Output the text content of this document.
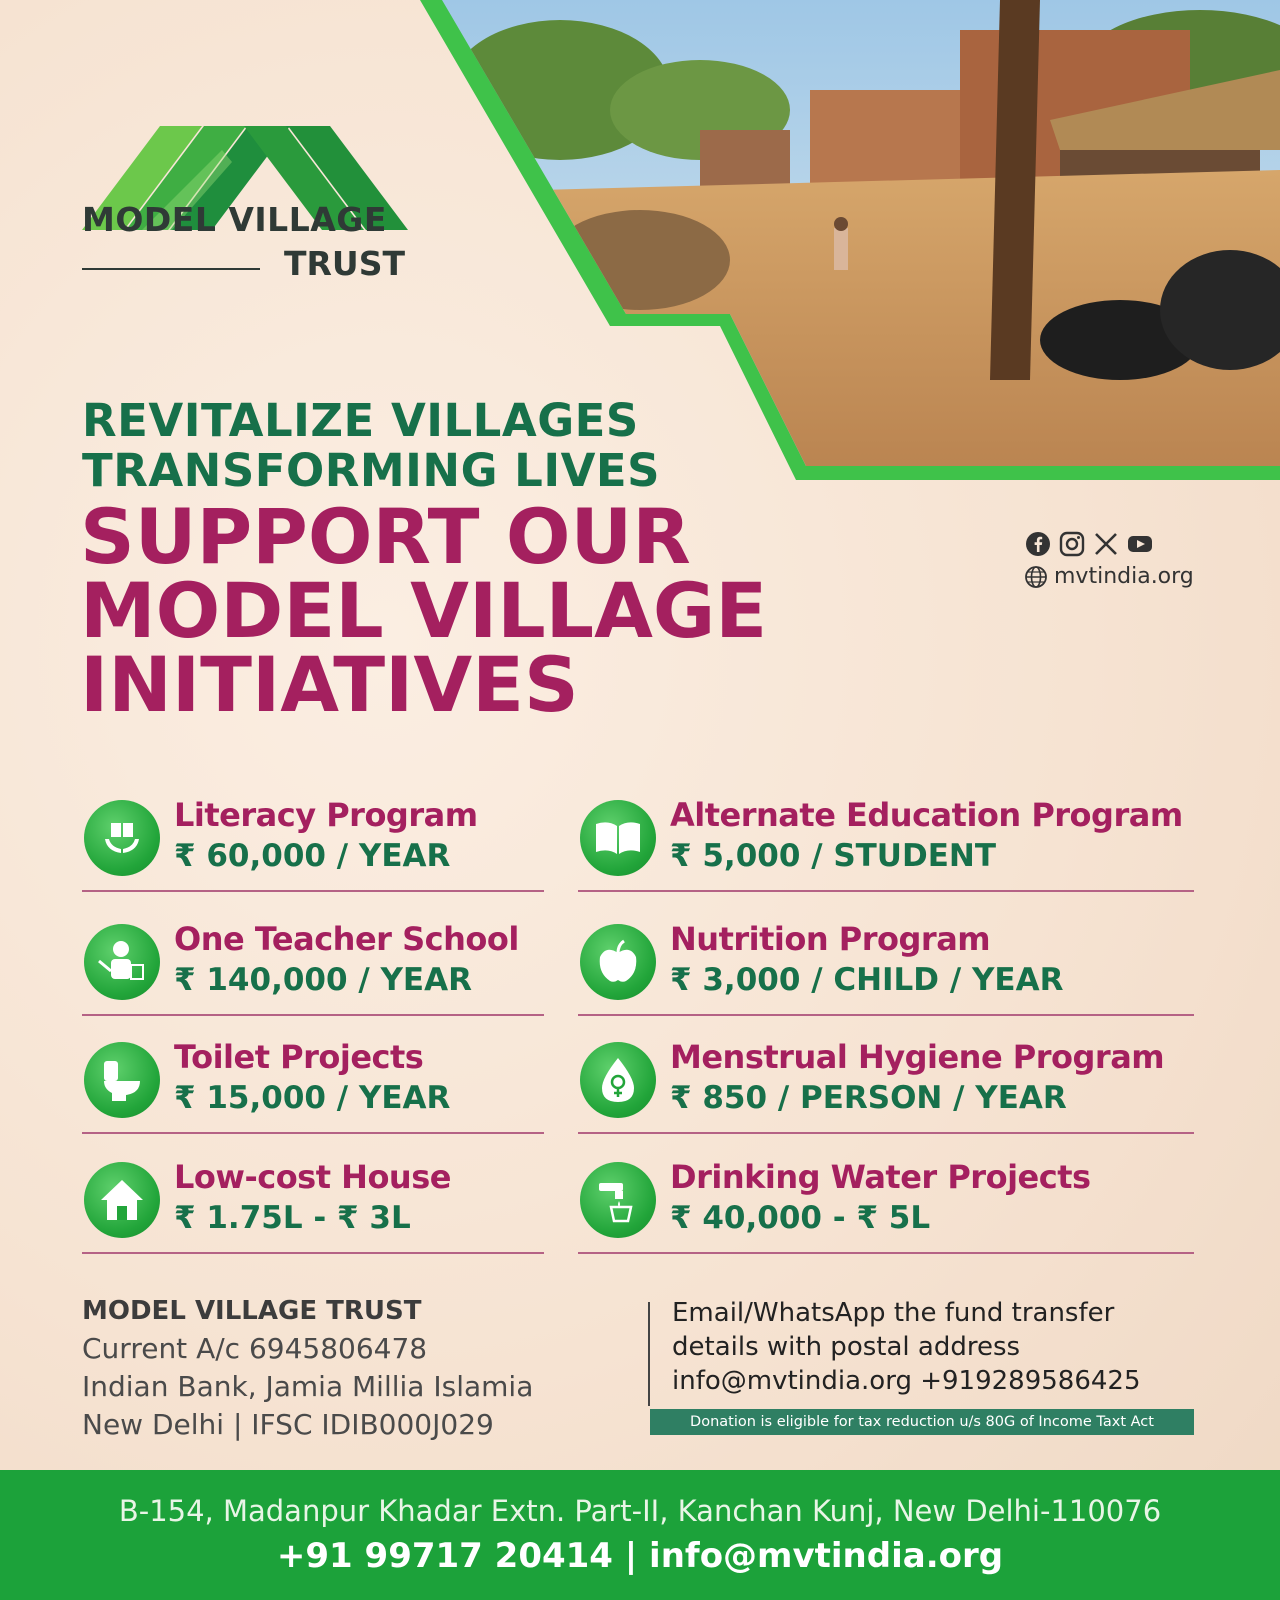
MODEL VILLAGE
TRUST
REVITALIZE VILLAGES
TRANSFORMING LIVES
SUPPORT OUR
MODEL VILLAGE
INITIATIVES
mvtindia.org
Literacy Program
₹ 60,000 / YEAR
Alternate Education Program
₹ 5,000 / STUDENT
One Teacher School
₹ 140,000 / YEAR
Nutrition Program
₹ 3,000 / CHILD / YEAR
Toilet Projects
₹ 15,000 / YEAR
Menstrual Hygiene Program
₹ 850 / PERSON / YEAR
Low-cost House
₹ 1.75L - ₹ 3L
Drinking Water Projects
₹ 40,000 - ₹ 5L
MODEL VILLAGE TRUST
Current A/c 6945806478
Indian Bank, Jamia Millia Islamia
New Delhi | IFSC IDIB000J029
Email/WhatsApp the fund transfer
details with postal address
info@mvtindia.org +919289586425
Donation is eligible for tax reduction u/s 80G of Income Taxt Act
B-154, Madanpur Khadar Extn. Part-II, Kanchan Kunj, New Delhi-110076
+91 99717 20414 | info@mvtindia.org
